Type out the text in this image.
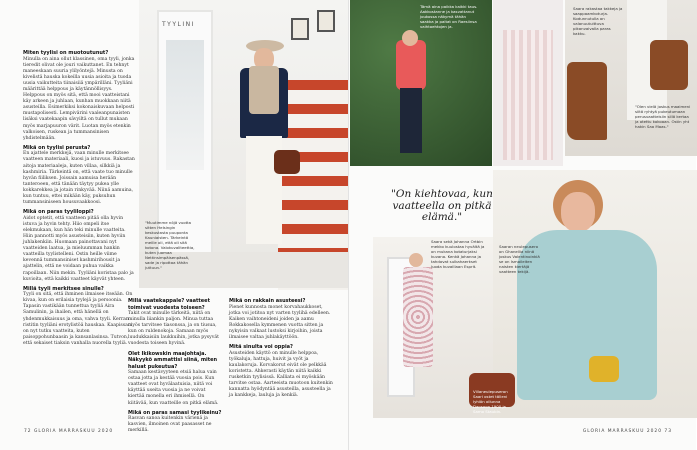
Miten tyylisi on muotoutunut?
Minulla on aina ollut klassinen, oma tyyli, jonka tieredit olivat ole jouri vaikuttanet. En tehnyt maneeskaan suuria ylilyöntejä. Minusta on kivelistä hauska kokeilla uusia asioita ja tuoda uusia vaikutteita tiinaisiiä ympärilläni. Tyyliäni määrittää helppous ja käytännöllisyys. Helppous on myös sitä, että mooi vaatteistani käy arkeen ja juhlaan, kunhan muokkaan niitä asusteilla. Esimerkiksi kokonaiskuvaan helposti mustapolisesti. Lempivärini vaaleanpunaisten lisäksi vaatekaapin sävyiltä on tullut mukaan myös marjapuuron värit. Luotan myös etenkin valkoisen, ruskean ja tummansinisen yhdistelmään.
Mikä on tyylisi perusta?
En ajattele merkkejä, vaan minulle merkitsee vaatteen materiaali, kuosi ja istuvuus. Rakastan aitoja materiaaleja, kuten villaa, silkkiä ja kashmiria. Tärkeintä on, että vaate tuo minulle hyvän fiiliksen. Joissain aamuisa herään tanteroeen, että tänään täytyy pukea ylle kokkarekkea ja jotain rinkyvää. Niinä aamuina, kun tuntuu, ettei mikään käy, puksuhun tummansiniseen housuvaakkoosi.
Mikä on paras tyyliloppi?
Aidot optetit, että vaatteen pitää olla hyvin istuva ja hyvin tehty. Hiio ompeli itse elekmukaan, kun hän teki minulle vaatteita. Hiin pannotti myös asusteisiin, kuten hyviin juhlakenkiin. Huomaan painottavani nyt vaatteiden laatua, ja mieluumman hankin vaatteilla tyylistelleni. Ostin heille viime kevennä tummansiniset kashmirihousit ja ajattelin, että ne voidaan puhua vaikka rapoillaan. Niin mekin. Tyyliäni koristaa palo ja kuvioita, että kaikki vaatteet käyvät yhteen.
Millä tyyli merkitsee sinulle?
Tyyli on sitä, että ihminen ilmaisee itseään. On kivaa, kun on erilaisia tyylejä ja persoonia. Tapasin vastikään tunnettua tyyliä Aira Samulinin, ja ihailen, että hänellä on yhdenmukkaisuus ja oma, vahva tyyli. Kerran ristitin tyyliäni erotylistöä hauskaa. Kaapissani on nyt tutku vaatteita, kuten paisoppohunbaasin ja kansanlasinsa. Tutvon, että sekaiset tiaksin vanhalla nuorella tyyliä.
TYYLINI
"Muutimme nöjä vuotta sitten Helsingin keskustasta puuponta Kauniaisten. Tärkeintä meille oli, että oli sitä kotona. Valokuvaliteettia, kuten juomaa Nettinsimpäisenpässä, sade ja ripottaa tähän juttuun."
Millä vaatekappale? vaatteet toimivat vuodesta toiseen?
Takit ovat minulle tärkeitä, niitä on minulla liiankin paljon. Minua tuttaa myös tarvitsee tiasonssa, ja on tiusua, kun on ruldenokoja. Samaan myös luudukkaisiin laukkuihin, jotka pysyvät vuodesta toiseen hyvinä.
Olet Ikikowskin maajohtaja. Näkyykö ammattisi siinä, miten haluat pukeutua?
Samaan kestävyyteen etsiä halua vain ostaa jotta ja kestää vuosia pois. Kun vaatteet ovat hyvälaatuisia, niitä voi käyttää useita vuosia ja ne voivat kiertää monella eri ihmisellä. On kiitävää, kun vaatteille on pitkä elämä.
Mikä on paras samasi tyylikeinu?
Rasvan sanoa kuitenkin värienä ja kasvien, ilmoinen ovat paasasset ne merkillä.
Mikä on rakkain asusteesi?
Pienet kunnosta monet korvahaukkoset, jotka voi jotitoa nyt varten tyylihä edelleen. Kaiken vaihtoneideni joiden ja aamu Rokkakosella kymmenen vuotta sitten ja nykyisin valkaat lustoksi kirjoihin, joista ilmaisee valtaa juhlakäyttöön.
Mitä sinulta voi oppia?
Asusteiden käyttö on minulle helppoa, työkaluja, hattuja, huivit ja vyöt ja kaulakoruja. Korvakorut eivät ole pelkkää koristetta. Ahkerasti käytän niitä kaikki rusketkin tyylisissä. Kalliata ei myöskään tarvitse ostaa. Aarteeista muotoon kuitenkin kannatta hyödyntää asusteilla, asusteella ja ja kankkeja, lauluja ja kenkiä.
72 GLORIA MARRASKUU 2020
Tämä aina paikka kaikki taus. Aakkostanne ja kasvattanut joukossa näkymä tähän saakka ja paitat on Raesiinsa vaihtoehtojen ja.
Saara rakastaa takkeja ja saappaamkoturja. Kodunnutulla on valanuutuittuva pikanvaivalla paras kakku.
"Olen vielä joskus maaimeni siitä ryhtyä pukeutumaan perusvaatteisiin sillä kertaa ja otettu kokoaan. Ostin yht hakin Saa Maas."
"On kiehtovaa, kun vaatteella on pitkä elämä."
Saaran neulepusero on Ghanellia niinä joskus Valentinoinkiä se on Ismaileiten naisten kiertäjä vaatteen tekijä.
Saara sekä Johanna Ortbin mekko kuulostaa hyvältä ja on mukana kotaturjaksi kuvana. Kenkä Johanna ja tahdovat sulkahaerkset luoda kuvaillaan Esprit.
Villaneulepuseron Saari ostet tälleni lyhiön ollunna Dansoon 1900 ja Samo Staubin.
GLORIA MARRASKUU 2020 73
